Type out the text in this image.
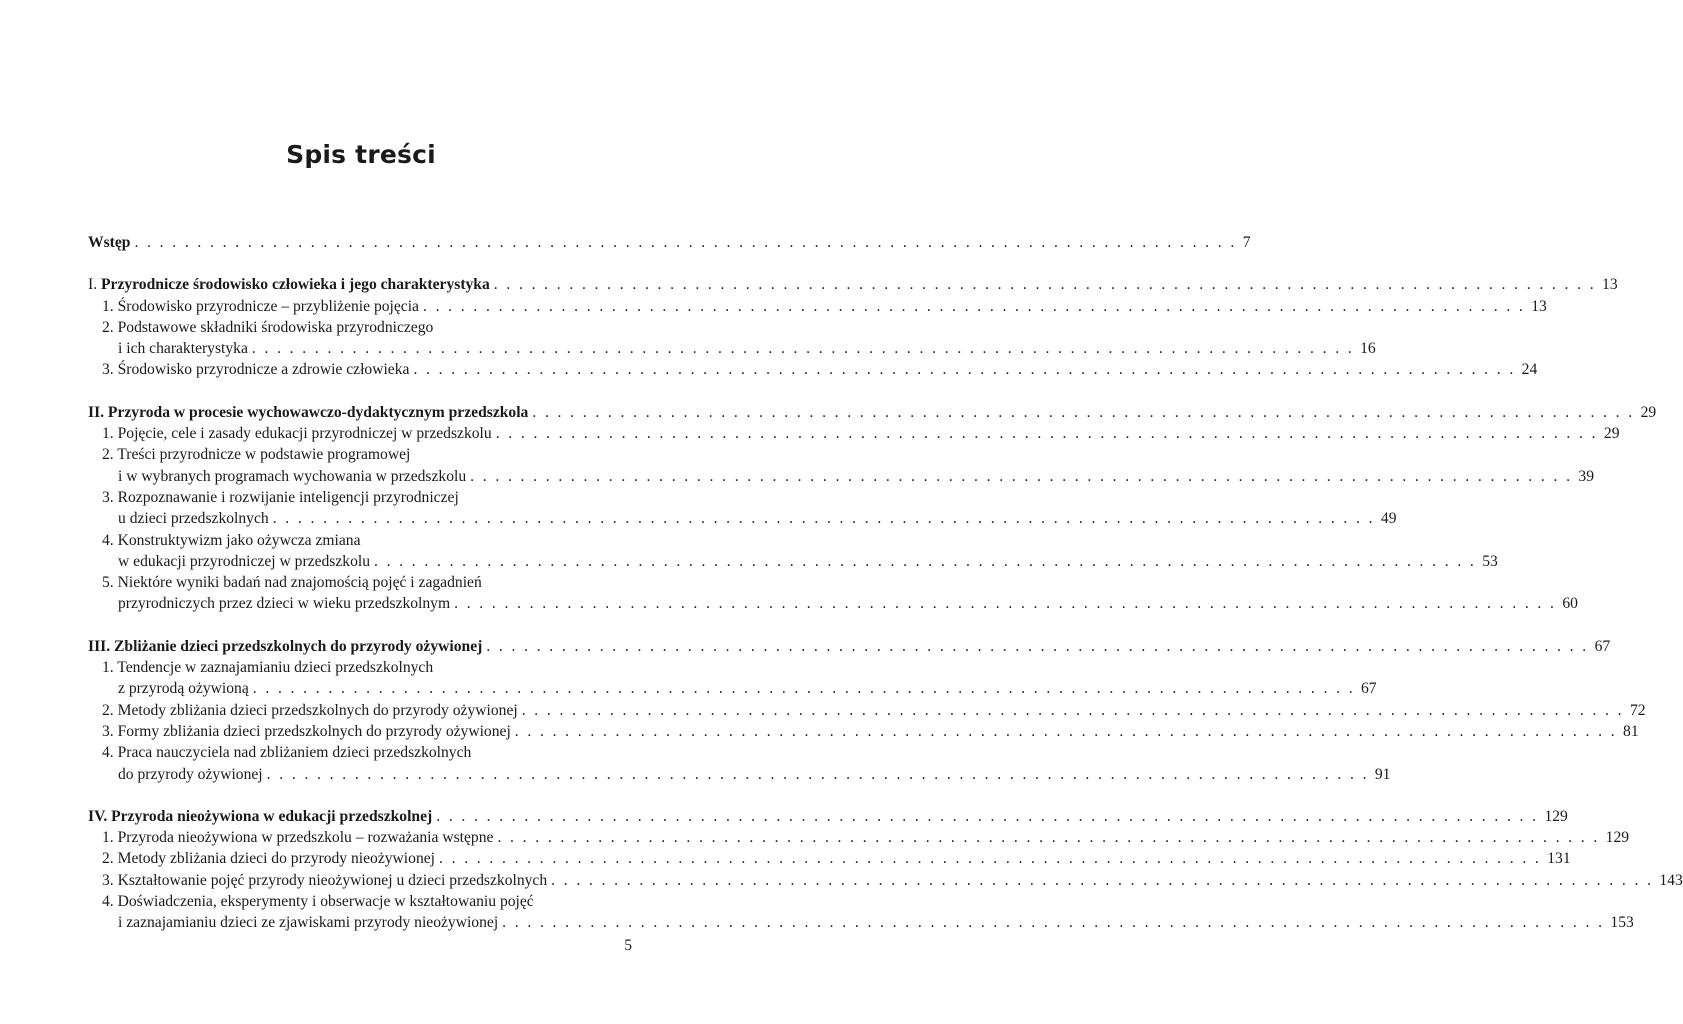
Spis treści
Wstęp . . . . . . . . . . . . . . . . . . . . . . . . . . . . . . . . . . . . . . . . . . . . . . . . . . . . . . . . . . . . . . . . . . . . . . . . . . . . . . . . . . . . . . . . 7
I. Przyrodnicze środowisko człowieka i jego charakterystyka . . . . . . . . . . . . . . . . . . . . . . . . . . . . . . . . . . . . . . . . . . . . . . . . . . . . . . . . . . . . . . . . . . . . . . . . . . . . . . . . . . . . . . . . 13
1. Środowisko przyrodnicze – przybliżenie pojęcia . . . . . . . . . . . . . . . . . . . . . . . . . . . . . . . . . . . . . . . . . . . . . . . . . . . . . . . . . . . . . . . . . . . . . . . . . . . . . . . . . . . . . . . . 13
2. Podstawowe składniki środowiska przyrodniczego
i ich charakterystyka . . . . . . . . . . . . . . . . . . . . . . . . . . . . . . . . . . . . . . . . . . . . . . . . . . . . . . . . . . . . . . . . . . . . . . . . . . . . . . . . . . . . . . . . 16
3. Środowisko przyrodnicze a zdrowie człowieka . . . . . . . . . . . . . . . . . . . . . . . . . . . . . . . . . . . . . . . . . . . . . . . . . . . . . . . . . . . . . . . . . . . . . . . . . . . . . . . . . . . . . . . . 24
II. Przyroda w procesie wychowawczo-dydaktycznym przedszkola . . . . . . . . . . . . . . . . . . . . . . . . . . . . . . . . . . . . . . . . . . . . . . . . . . . . . . . . . . . . . . . . . . . . . . . . . . . . . . . . . . . . . . . . 29
1. Pojęcie, cele i zasady edukacji przyrodniczej w przedszkolu . . . . . . . . . . . . . . . . . . . . . . . . . . . . . . . . . . . . . . . . . . . . . . . . . . . . . . . . . . . . . . . . . . . . . . . . . . . . . . . . . . . . . . . . 29
2. Treści przyrodnicze w podstawie programowej
i w wybranych programach wychowania w przedszkolu . . . . . . . . . . . . . . . . . . . . . . . . . . . . . . . . . . . . . . . . . . . . . . . . . . . . . . . . . . . . . . . . . . . . . . . . . . . . . . . . . . . . . . . . 39
3. Rozpoznawanie i rozwijanie inteligencji przyrodniczej
u dzieci przedszkolnych . . . . . . . . . . . . . . . . . . . . . . . . . . . . . . . . . . . . . . . . . . . . . . . . . . . . . . . . . . . . . . . . . . . . . . . . . . . . . . . . . . . . . . . . 49
4. Konstruktywizm jako ożywcza zmiana
w edukacji przyrodniczej w przedszkolu . . . . . . . . . . . . . . . . . . . . . . . . . . . . . . . . . . . . . . . . . . . . . . . . . . . . . . . . . . . . . . . . . . . . . . . . . . . . . . . . . . . . . . . . 53
5. Niektóre wyniki badań nad znajomością pojęć i zagadnień
przyrodniczych przez dzieci w wieku przedszkolnym . . . . . . . . . . . . . . . . . . . . . . . . . . . . . . . . . . . . . . . . . . . . . . . . . . . . . . . . . . . . . . . . . . . . . . . . . . . . . . . . . . . . . . . . 60
III. Zbliżanie dzieci przedszkolnych do przyrody ożywionej . . . . . . . . . . . . . . . . . . . . . . . . . . . . . . . . . . . . . . . . . . . . . . . . . . . . . . . . . . . . . . . . . . . . . . . . . . . . . . . . . . . . . . . . 67
1. Tendencje w zaznajamianiu dzieci przedszkolnych
z przyrodą ożywioną . . . . . . . . . . . . . . . . . . . . . . . . . . . . . . . . . . . . . . . . . . . . . . . . . . . . . . . . . . . . . . . . . . . . . . . . . . . . . . . . . . . . . . . . 67
2. Metody zbliżania dzieci przedszkolnych do przyrody ożywionej . . . . . . . . . . . . . . . . . . . . . . . . . . . . . . . . . . . . . . . . . . . . . . . . . . . . . . . . . . . . . . . . . . . . . . . . . . . . . . . . . . . . . . . . 72
3. Formy zbliżania dzieci przedszkolnych do przyrody ożywionej . . . . . . . . . . . . . . . . . . . . . . . . . . . . . . . . . . . . . . . . . . . . . . . . . . . . . . . . . . . . . . . . . . . . . . . . . . . . . . . . . . . . . . . . 81
4. Praca nauczyciela nad zbliżaniem dzieci przedszkolnych
do przyrody ożywionej . . . . . . . . . . . . . . . . . . . . . . . . . . . . . . . . . . . . . . . . . . . . . . . . . . . . . . . . . . . . . . . . . . . . . . . . . . . . . . . . . . . . . . . . 91
IV. Przyroda nieożywiona w edukacji przedszkolnej . . . . . . . . . . . . . . . . . . . . . . . . . . . . . . . . . . . . . . . . . . . . . . . . . . . . . . . . . . . . . . . . . . . . . . . . . . . . . . . . . . . . . . . . 129
1. Przyroda nieożywiona w przedszkolu – rozważania wstępne . . . . . . . . . . . . . . . . . . . . . . . . . . . . . . . . . . . . . . . . . . . . . . . . . . . . . . . . . . . . . . . . . . . . . . . . . . . . . . . . . . . . . . . . 129
2. Metody zbliżania dzieci do przyrody nieożywionej . . . . . . . . . . . . . . . . . . . . . . . . . . . . . . . . . . . . . . . . . . . . . . . . . . . . . . . . . . . . . . . . . . . . . . . . . . . . . . . . . . . . . . . . 131
3. Kształtowanie pojęć przyrody nieożywionej u dzieci przedszkolnych . . . . . . . . . . . . . . . . . . . . . . . . . . . . . . . . . . . . . . . . . . . . . . . . . . . . . . . . . . . . . . . . . . . . . . . . . . . . . . . . . . . . . . . . 143
4. Doświadczenia, eksperymenty i obserwacje w kształtowaniu pojęć
i zaznajamianiu dzieci ze zjawiskami przyrody nieożywionej . . . . . . . . . . . . . . . . . . . . . . . . . . . . . . . . . . . . . . . . . . . . . . . . . . . . . . . . . . . . . . . . . . . . . . . . . . . . . . . . . . . . . . . . 153
5
